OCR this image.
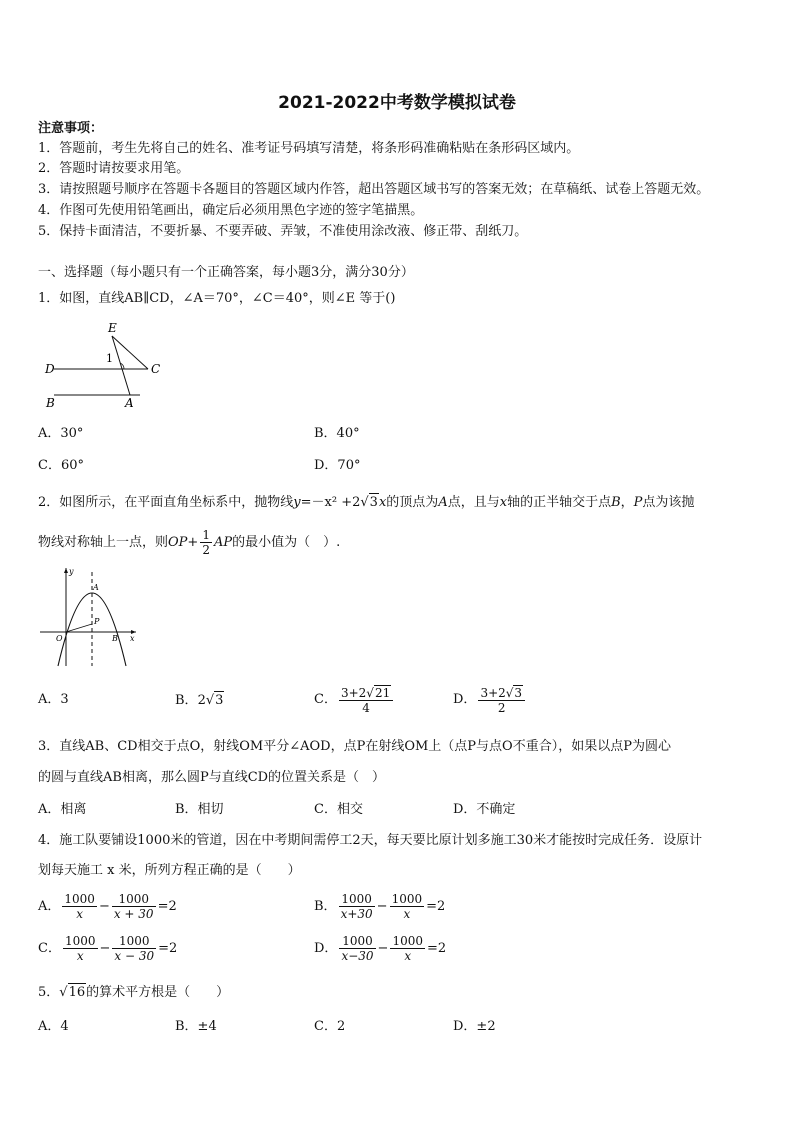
2021-2022中考数学模拟试卷
注意事项：
1．答题前，考生先将自己的姓名、准考证号码填写清楚，将条形码准确粘贴在条形码区域内。
2．答题时请按要求用笔。
3．请按照题号顺序在答题卡各题目的答题区域内作答，超出答题区域书写的答案无效；在草稿纸、试卷上答题无效。
4．作图可先使用铅笔画出，确定后必须用黑色字迹的签字笔描黑。
5．保持卡面清洁，不要折暴、不要弄破、弄皱，不准使用涂改液、修正带、刮纸刀。
一、选择题（每小题只有一个正确答案，每小题3分，满分30分）
1．如图，直线AB∥CD，∠A＝70°，∠C＝40°，则∠E 等于()
E
D	C
B	A
1
A．30°	B．40°
C．60°	D．70°
2．如图所示，在平面直角坐标系中，抛物线y=－x² +2√3x的顶点为A点，且与x轴的正半轴交于点B，P点为该抛
物线对称轴上一点，则$OP+ \frac{1}{2}$ AP的最小值为（　）.
y
x
O
A
P
B
A．3	B．2√3	C． $\frac{3+2√21}{4}$	D． $\frac{3+2√3}{2}$
3．直线AB、CD相交于点O，射线OM平分∠AOD，点P在射线OM上（点P与点O不重合），如果以点P为圆心
的圆与直线AB相离，那么圆P与直线CD的位置关系是（　）
A．相离	B．相切	C．相交	D．不确定
4．施工队要铺设1000米的管道，因在中考期间需停工2天，每天要比原计划多施工30米才能按时完成任务．设原计
划每天施工 x 米，所列方程正确的是（　　）
A． $\frac{1000}{x} - \frac{1000}{x + 30} =2$	B． $\frac{1000}{x+30} - \frac{1000}{x} =2$
C． $\frac{1000}{x} - \frac{1000}{x - 30} =2$	D． $\frac{1000}{x-30} - \frac{1000}{x} =2$
5．√16的算术平方根是（　　）
A．4	B．±4	C．2	D．±2
